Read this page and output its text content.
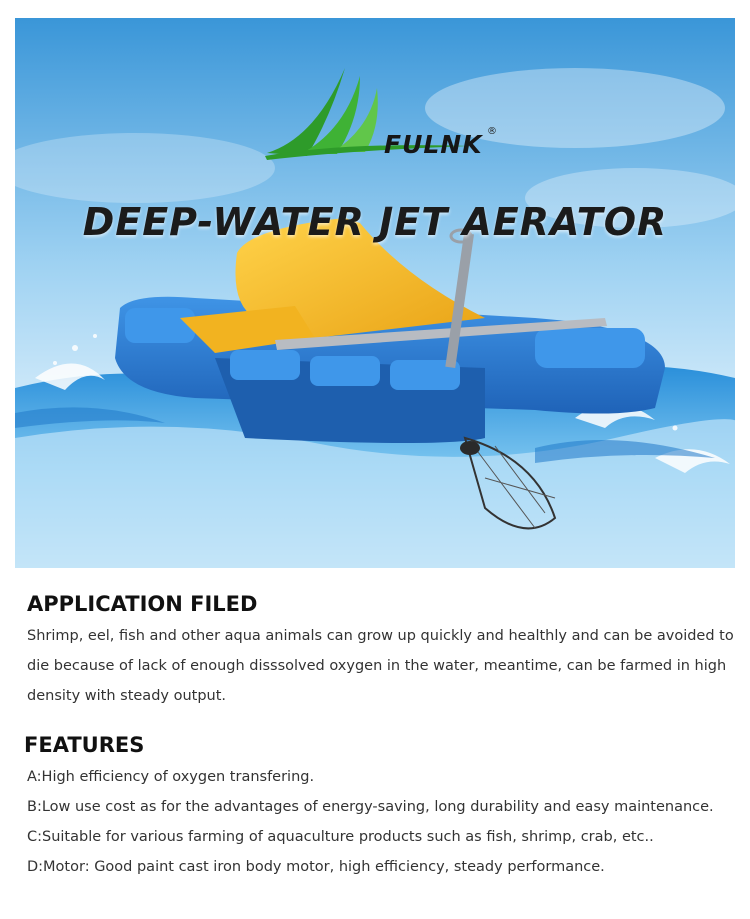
FULNK ®
DEEP-WATER JET AERATOR
APPLICATION FILED

Shrimp, eel, fish and other aqua animals can grow up quickly and healthly and can be avoided to die because of lack of enough disssolved oxygen in the water, meantime, can be farmed in high density with steady output.

FEATURES
A:High efficiency of oxygen transfering.
B:Low use cost as for the advantages of energy-saving, long durability and easy maintenance.
C:Suitable for various farming of aquaculture products such as fish, shrimp, crab, etc..
D:Motor: Good paint cast iron body motor, high efficiency, steady performance.
